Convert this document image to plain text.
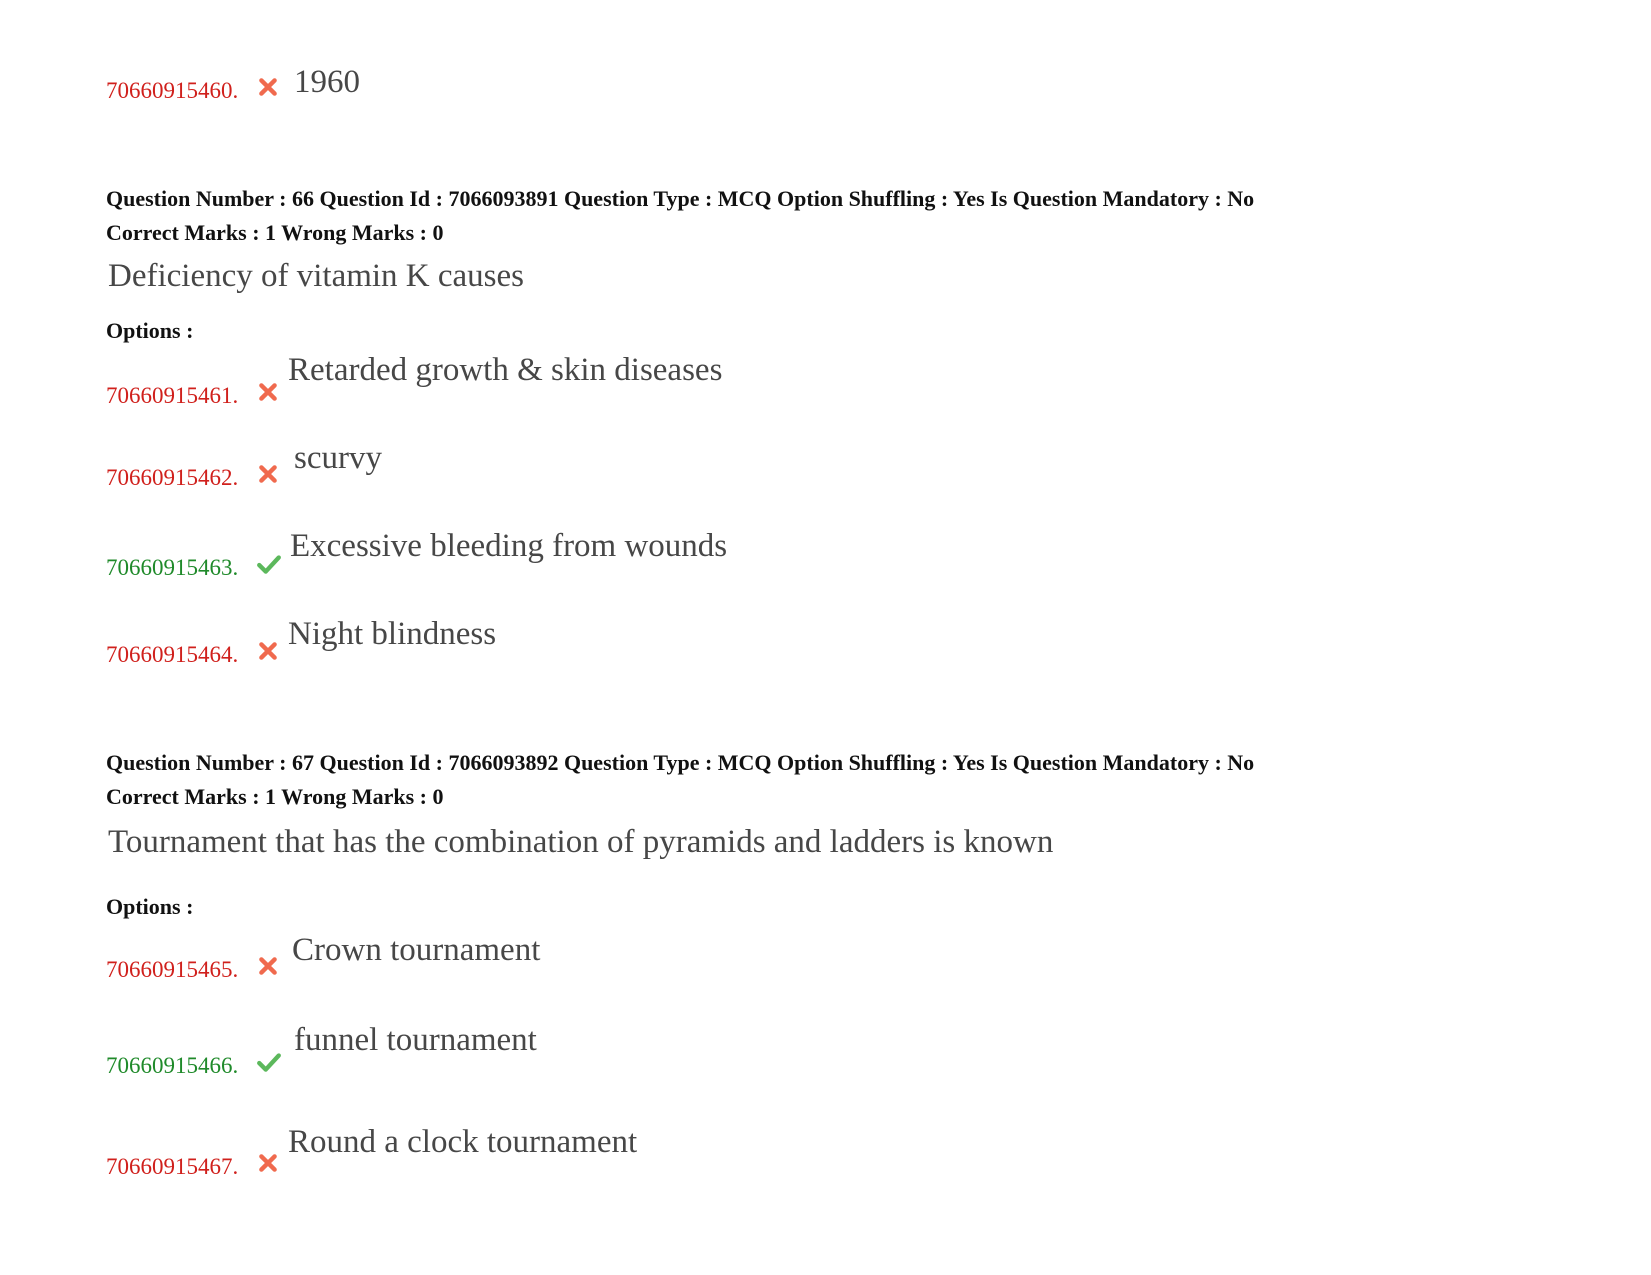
70660915460. 1960
Question Number : 66 Question Id : 7066093891 Question Type : MCQ Option Shuffling : Yes Is Question Mandatory : No
Correct Marks : 1 Wrong Marks : 0
Deficiency of vitamin K causes
Options :
70660915461.
Retarded growth & skin diseases
70660915462.
scurvy
70660915463.
Excessive bleeding from wounds
70660915464.
Night blindness
Question Number : 67 Question Id : 7066093892 Question Type : MCQ Option Shuffling : Yes Is Question Mandatory : No
Correct Marks : 1 Wrong Marks : 0
Tournament that has the combination of pyramids and ladders is known
Options :
70660915465.
Crown tournament
70660915466.
funnel tournament
70660915467.
Round a clock tournament
